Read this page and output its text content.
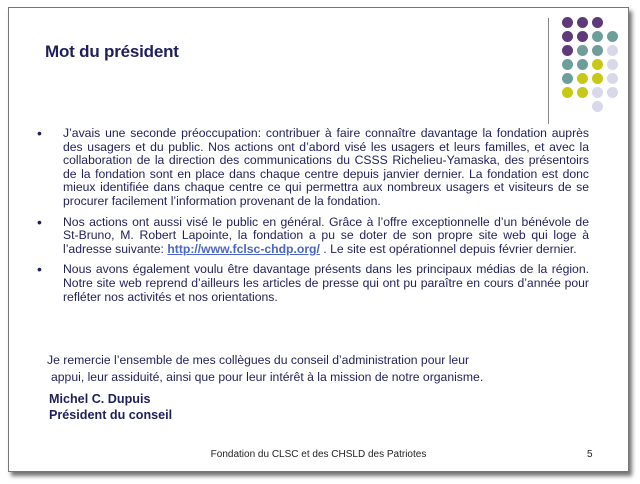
Mot du président
• J’avais une seconde préoccupation: contribuer à faire connaître davantage la fondation auprès des usagers et du public. Nos actions ont d’abord visé les usagers et leurs familles, et avec la collaboration de la direction des communications du CSSS Richelieu-Yamaska, des présentoirs de la fondation sont en place dans chaque centre depuis janvier dernier. La fondation est donc mieux identifiée dans chaque centre ce qui permettra aux nombreux usagers et visiteurs de se procurer facilement l’information provenant de la fondation.
• Nos actions ont aussi visé le public en général. Grâce à l’offre exceptionnelle d’un bénévole de St-Bruno, M. Robert Lapointe, la fondation a pu se doter de son propre site web qui loge à l’adresse suivante: http://www.fclsc-chdp.org/ . Le site est opérationnel depuis février dernier.
• Nous avons également voulu être davantage présents dans les principaux médias de la région. Notre site web reprend d’ailleurs les articles de presse qui ont pu paraître en cours d’année pour refléter nos activités et nos orientations.
Je remercie l’ensemble de mes collègues du conseil d’administration pour leur
appui, leur assiduité, ainsi que pour leur intérêt à la mission de notre organisme.
Michel C. Dupuis
Président du conseil
Fondation du CLSC et des CHSLD des Patriotes	5
